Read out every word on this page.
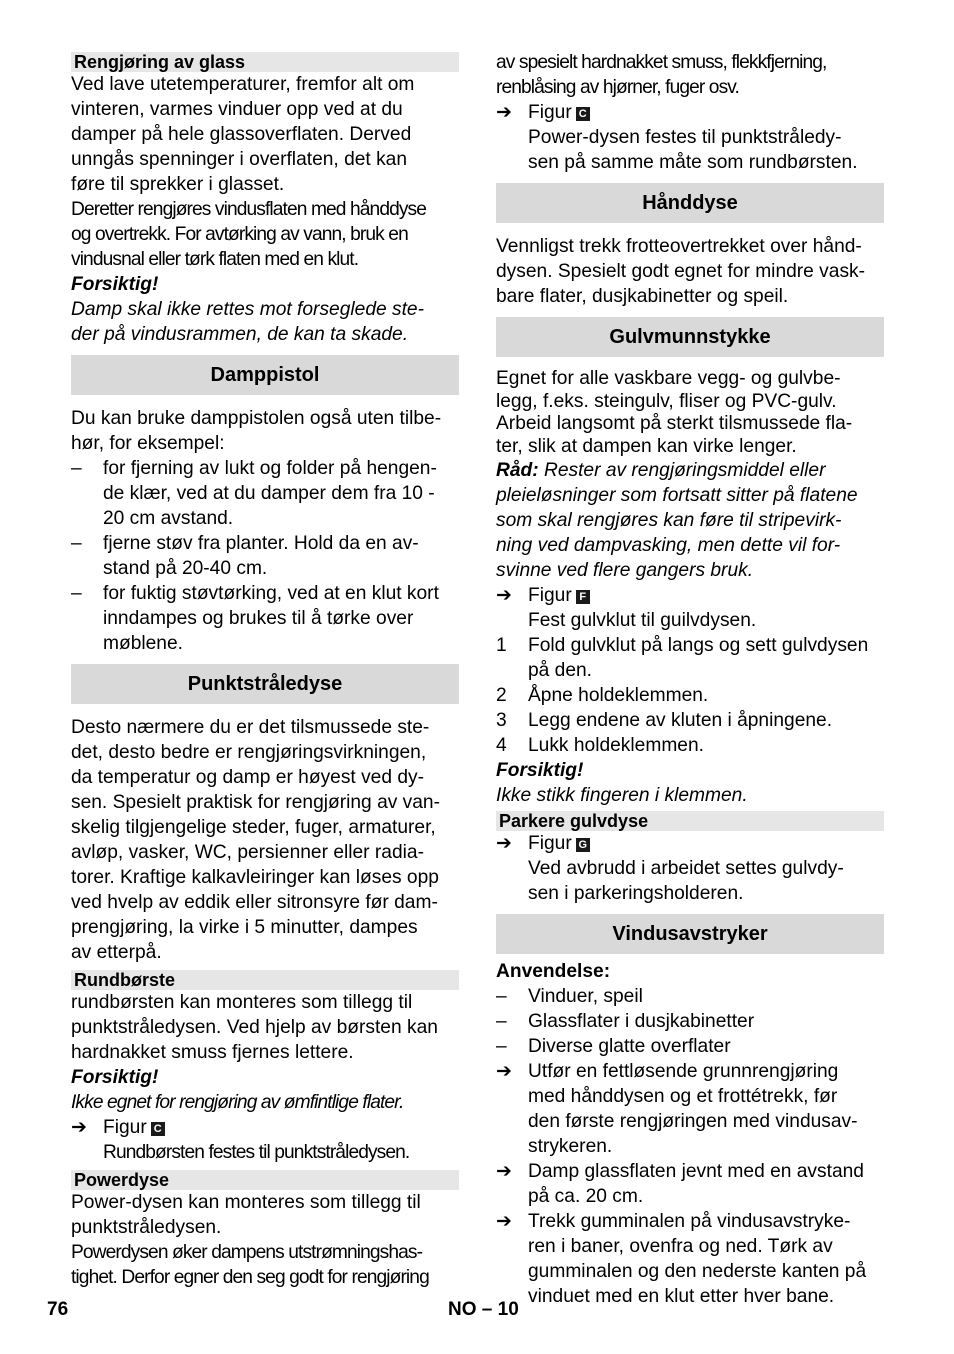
Rengjøring av glass
Ved lave utetemperaturer, fremfor alt om
vinteren, varmes vinduer opp ved at du
damper på hele glassoverflaten. Derved
unngås spenninger i overflaten, det kan
føre til sprekker i glasset.
Deretter rengjøres vindusflaten med hånddyse
og overtrekk. For avtørking av vann, bruk en
vindusnal eller tørk flaten med en klut.
Forsiktig!
Damp skal ikke rettes mot forseglede ste-
der på vindusrammen, de kan ta skade.
Damppistol
Du kan bruke damppistolen også uten tilbe-
hør, for eksempel:
–	for fjerning av lukt og folder på hengen-
de klær, ved at du damper dem fra 10 -
20 cm avstand.
–	fjerne støv fra planter. Hold da en av-
stand på 20-40 cm.
–	for fuktig støvtørking, ved at en klut kort
inndampes og brukes til å tørke over
møblene.
Punktstråledyse
Desto nærmere du er det tilsmussede ste-
det, desto bedre er rengjøringsvirkningen,
da temperatur og damp er høyest ved dy-
sen. Spesielt praktisk for rengjøring av van-
skelig tilgjengelige steder, fuger, armaturer,
avløp, vasker, WC, persienner eller radia-
torer. Kraftige kalkavleiringer kan løses opp
ved hvelp av eddik eller sitronsyre før dam-
prengjøring, la virke i 5 minutter, dampes
av etterpå.
Rundbørste
rundbørsten kan monteres som tillegg til
punktstråledysen. Ved hjelp av børsten kan
hardnakket smuss fjernes lettere.
Forsiktig!
Ikke egnet for rengjøring av ømfintlige flater.
➔ Figur C
Rundbørsten festes til punktstråledysen.
Powerdyse
Power-dysen kan monteres som tillegg til
punktstråledysen.
Powerdysen øker dampens utstrømningshas-
tighet. Derfor egner den seg godt for rengjøring
av spesielt hardnakket smuss, flekkfjerning,
renblåsing av hjørner, fuger osv.
➔ Figur C
Power-dysen festes til punktstråledy-
sen på samme måte som rundbørsten.
Hånddyse
Vennligst trekk frotteovertrekket over hånd-
dysen. Spesielt godt egnet for mindre vask-
bare flater, dusjkabinetter og speil.
Gulvmunnstykke
Egnet for alle vaskbare vegg- og gulvbe-
legg, f.eks. steingulv, fliser og PVC-gulv.
Arbeid langsomt på sterkt tilsmussede fla-
ter, slik at dampen kan virke lenger.
Råd: Rester av rengjøringsmiddel eller
pleieløsninger som fortsatt sitter på flatene
som skal rengjøres kan føre til stripevirk-
ning ved dampvasking, men dette vil for-
svinne ved flere gangers bruk.
➔ Figur F
Fest gulvklut til guilvdysen.
1	Fold gulvklut på langs og sett gulvdysen
på den.
2	Åpne holdeklemmen.
3	Legg endene av kluten i åpningene.
4	Lukk holdeklemmen.
Forsiktig!
Ikke stikk fingeren i klemmen.
Parkere gulvdyse
➔ Figur G
Ved avbrudd i arbeidet settes gulvdy-
sen i parkeringsholderen.
Vindusavstryker
Anvendelse:
–	Vinduer, speil
–	Glassflater i dusjkabinetter
–	Diverse glatte overflater
➔ Utfør en fettløsende grunnrengjøring
med hånddysen og et frottétrekk, før
den første rengjøringen med vindusav-
strykeren.
➔ Damp glassflaten jevnt med en avstand
på ca. 20 cm.
➔ Trekk gumminalen på vindusavstryke-
ren i baner, ovenfra og ned. Tørk av
gumminalen og den nederste kanten på
vinduet med en klut etter hver bane.
76	NO – 10
